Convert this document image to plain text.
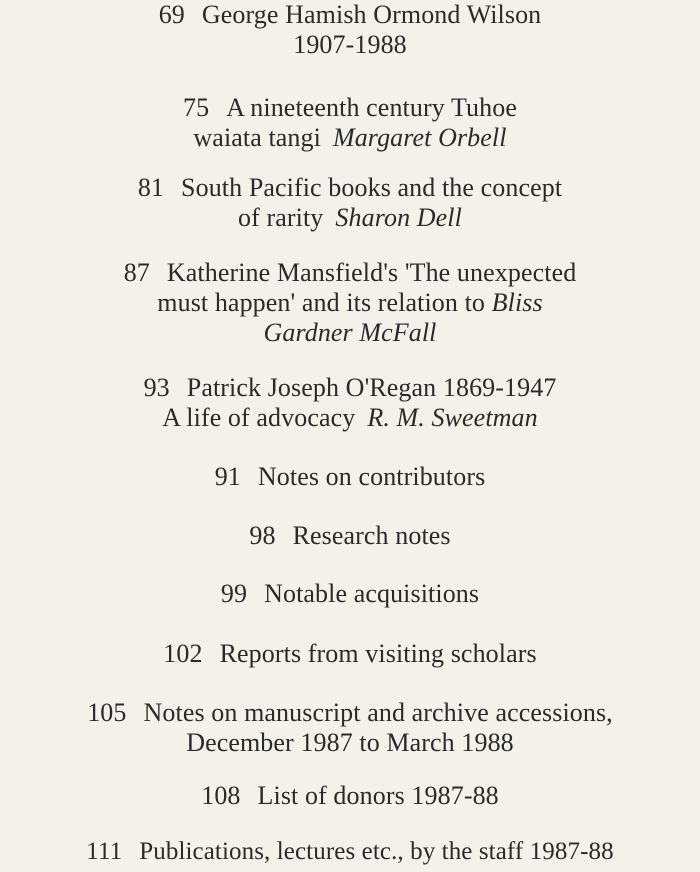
69 George Hamish Ormond Wilson
1907-1988
75 A nineteenth century Tuhoe
waiata tangi Margaret Orbell
81 South Pacific books and the concept
of rarity Sharon Dell
87 Katherine Mansfield's 'The unexpected
must happen' and its relation to Bliss
Gardner McFall
93 Patrick Joseph O'Regan 1869-1947
A life of advocacy R. M. Sweetman
91 Notes on contributors
98 Research notes
99 Notable acquisitions
102 Reports from visiting scholars
105 Notes on manuscript and archive accessions,
December 1987 to March 1988
108 List of donors 1987-88
111 Publications, lectures etc., by the staff 1987-88
